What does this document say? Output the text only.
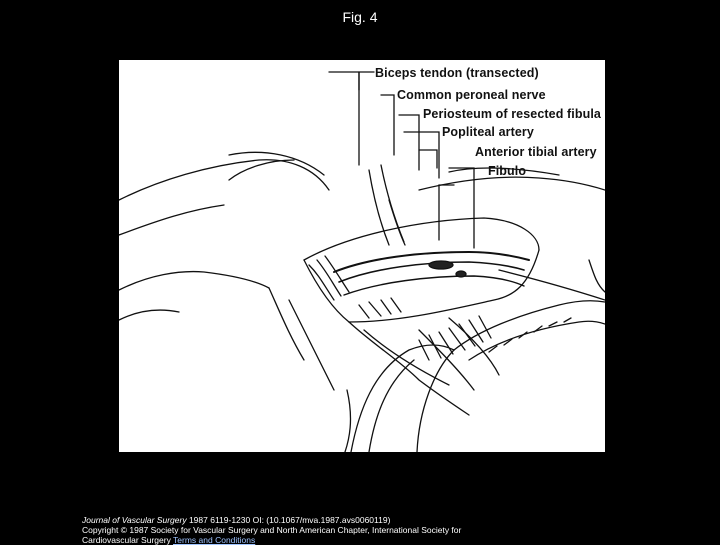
Fig. 4
Biceps tendon (transected)
Common peroneal nerve
Periosteum of resected fibula
Popliteal artery
Anterior tibial artery
Fibulo
Journal of Vascular Surgery 1987 6119-1230 OI: (10.1067/mva.1987.avs0060119)
Copyright © 1987 Society for Vascular Surgery and North American Chapter, International Society for
Cardiovascular Surgery Terms and Conditions
